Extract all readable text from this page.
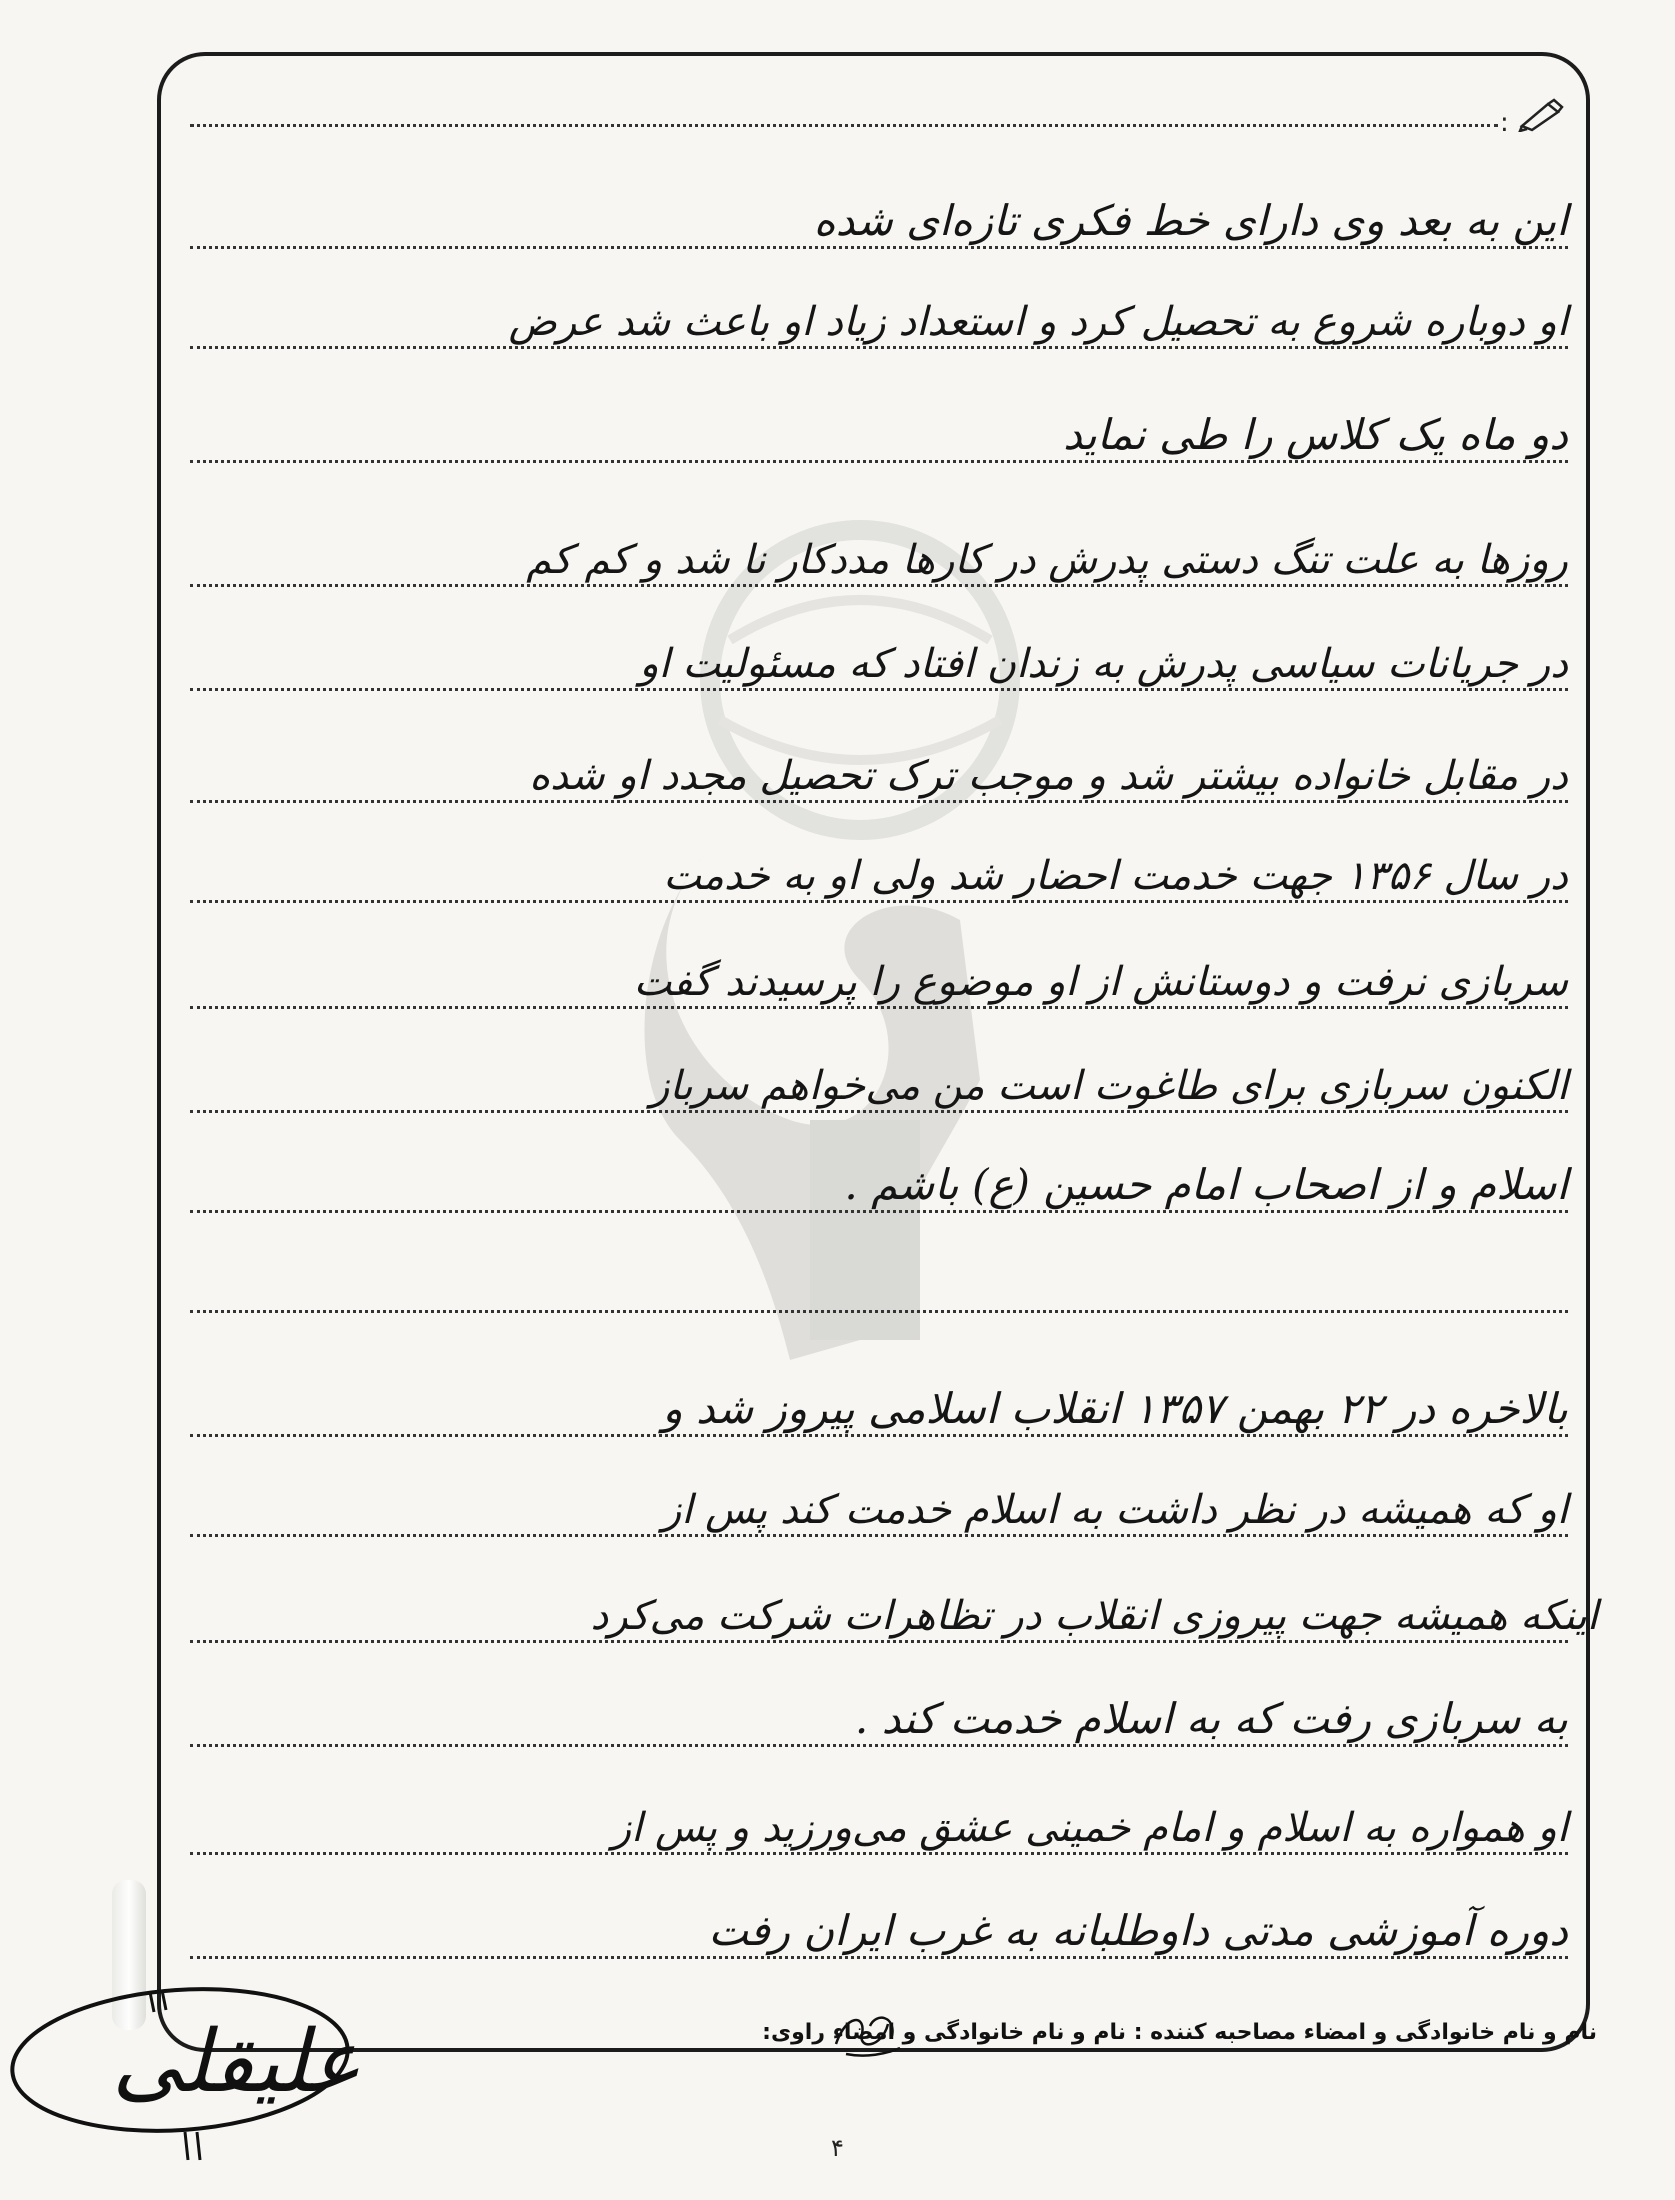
:
این به بعد وی دارای خط فکری تازه‌ای شده
او دوباره شروع به تحصیل کرد و استعداد زیاد او باعث شد عرض
دو ماه یک کلاس را طی نماید
روزها به علت تنگ دستی پدرش در کارها مددکار نا شد و کم کم
در جریانات سیاسی پدرش به زندان افتاد که مسئولیت او
در مقابل خانواده بیشتر شد و موجب ترک تحصیل مجدد او شده
در سال ۱۳۵۶ جهت خدمت احضار شد ولی او به خدمت
سربازی نرفت و دوستانش از او موضوع را پرسیدند گفت
الکنون سربازی برای طاغوت است من می‌خواهم سرباز
اسلام و از اصحاب امام حسین (ع) باشم .
بالاخره در ۲۲ بهمن ۱۳۵۷ انقلاب اسلامی پیروز شد و
او که همیشه در نظر داشت به اسلام خدمت کند پس از
اینکه همیشه جهت پیروزی انقلاب در تظاهرات شرکت می‌کرد
به سربازی رفت که به اسلام خدمت کند .
او همواره به اسلام و امام خمینی عشق می‌ورزید و پس از
دوره آموزشی مدتی داوطلبانه به غرب ایران رفت
نام و نام خانوادگی و امضاء مصاحبه کننده : نام و نام خانوادگی و امضاء راوی:
علیقلی
۴
